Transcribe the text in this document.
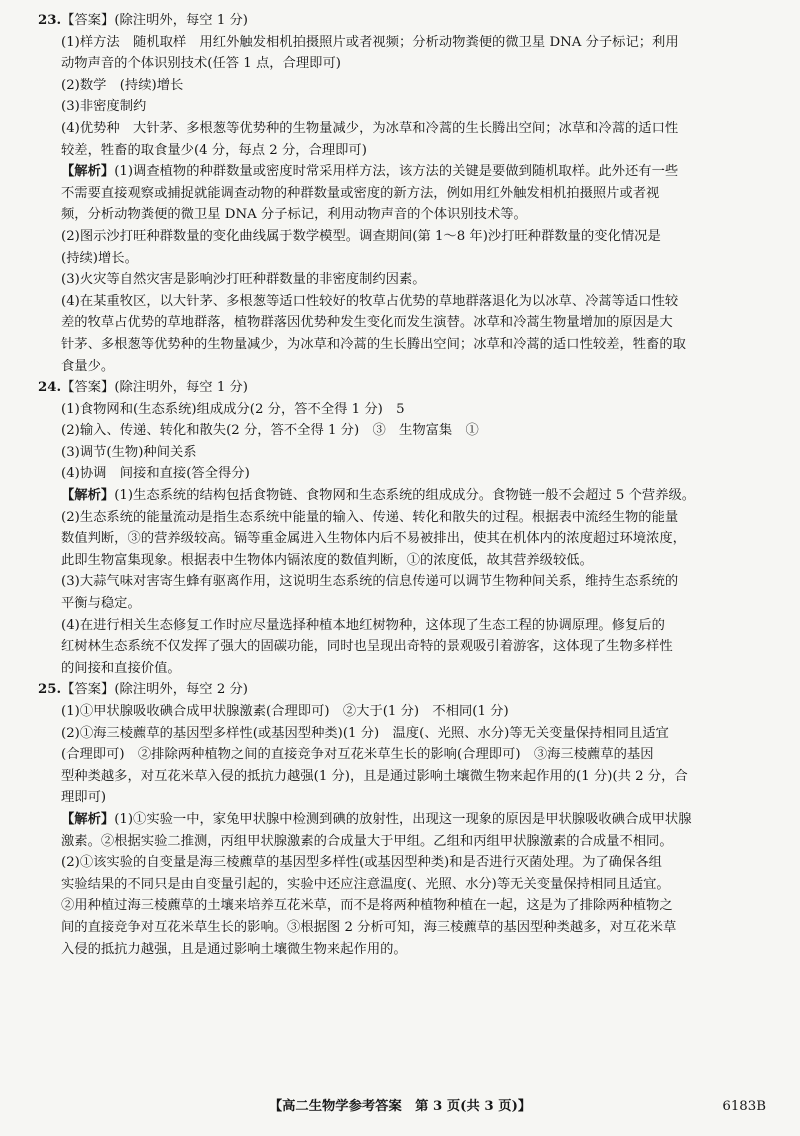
23.【答案】(除注明外，每空 1 分)
(1)样方法　随机取样　用红外触发相机拍摄照片或者视频；分析动物粪便的微卫星 DNA 分子标记；利用
动物声音的个体识别技术(任答 1 点，合理即可)
(2)数学　(持续)增长
(3)非密度制约
(4)优势种　大针茅、多根葱等优势种的生物量减少，为冰草和冷蒿的生长腾出空间；冰草和冷蒿的适口性
较差，牲畜的取食量少(4 分，每点 2 分，合理即可)
【解析】(1)调查植物的种群数量或密度时常采用样方法，该方法的关键是要做到随机取样。此外还有一些
不需要直接观察或捕捉就能调查动物的种群数量或密度的新方法，例如用红外触发相机拍摄照片或者视
频，分析动物粪便的微卫星 DNA 分子标记，利用动物声音的个体识别技术等。
(2)图示沙打旺种群数量的变化曲线属于数学模型。调查期间(第 1～8 年)沙打旺种群数量的变化情况是
(持续)增长。
(3)火灾等自然灾害是影响沙打旺种群数量的非密度制约因素。
(4)在某重牧区，以大针茅、多根葱等适口性较好的牧草占优势的草地群落退化为以冰草、冷蒿等适口性较
差的牧草占优势的草地群落，植物群落因优势种发生变化而发生演替。冰草和冷蒿生物量增加的原因是大
针茅、多根葱等优势种的生物量减少，为冰草和冷蒿的生长腾出空间；冰草和冷蒿的适口性较差，牲畜的取
食量少。
24.【答案】(除注明外，每空 1 分)
(1)食物网和(生态系统)组成成分(2 分，答不全得 1 分)　5
(2)输入、传递、转化和散失(2 分，答不全得 1 分)　③　生物富集　①
(3)调节(生物)种间关系
(4)协调　间接和直接(答全得分)
【解析】(1)生态系统的结构包括食物链、食物网和生态系统的组成成分。食物链一般不会超过 5 个营养级。
(2)生态系统的能量流动是指生态系统中能量的输入、传递、转化和散失的过程。根据表中流经生物的能量
数值判断，③的营养级较高。镉等重金属进入生物体内后不易被排出，使其在机体内的浓度超过环境浓度，
此即生物富集现象。根据表中生物体内镉浓度的数值判断，①的浓度低，故其营养级较低。
(3)大蒜气味对害寄生蜂有驱离作用，这说明生态系统的信息传递可以调节生物种间关系，维持生态系统的
平衡与稳定。
(4)在进行相关生态修复工作时应尽量选择种植本地红树物种，这体现了生态工程的协调原理。修复后的
红树林生态系统不仅发挥了强大的固碳功能，同时也呈现出奇特的景观吸引着游客，这体现了生物多样性
的间接和直接价值。
25.【答案】(除注明外，每空 2 分)
(1)①甲状腺吸收碘合成甲状腺激素(合理即可)　②大于(1 分)　不相同(1 分)
(2)①海三棱藨草的基因型多样性(或基因型种类)(1 分)　温度(、光照、水分)等无关变量保持相同且适宜
(合理即可)　②排除两种植物之间的直接竞争对互花米草生长的影响(合理即可)　③海三棱藨草的基因
型种类越多，对互花米草入侵的抵抗力越强(1 分)，且是通过影响土壤微生物来起作用的(1 分)(共 2 分，合
理即可)
【解析】(1)①实验一中，家兔甲状腺中检测到碘的放射性，出现这一现象的原因是甲状腺吸收碘合成甲状腺
激素。②根据实验二推测，丙组甲状腺激素的合成量大于甲组。乙组和丙组甲状腺激素的合成量不相同。
(2)①该实验的自变量是海三棱藨草的基因型多样性(或基因型种类)和是否进行灭菌处理。为了确保各组
实验结果的不同只是由自变量引起的，实验中还应注意温度(、光照、水分)等无关变量保持相同且适宜。
②用种植过海三棱藨草的土壤来培养互花米草，而不是将两种植物种植在一起，这是为了排除两种植物之
间的直接竞争对互花米草生长的影响。③根据图 2 分析可知，海三棱藨草的基因型种类越多，对互花米草
入侵的抵抗力越强，且是通过影响土壤微生物来起作用的。
【高二生物学参考答案　第 3 页(共 3 页)】	6183B
